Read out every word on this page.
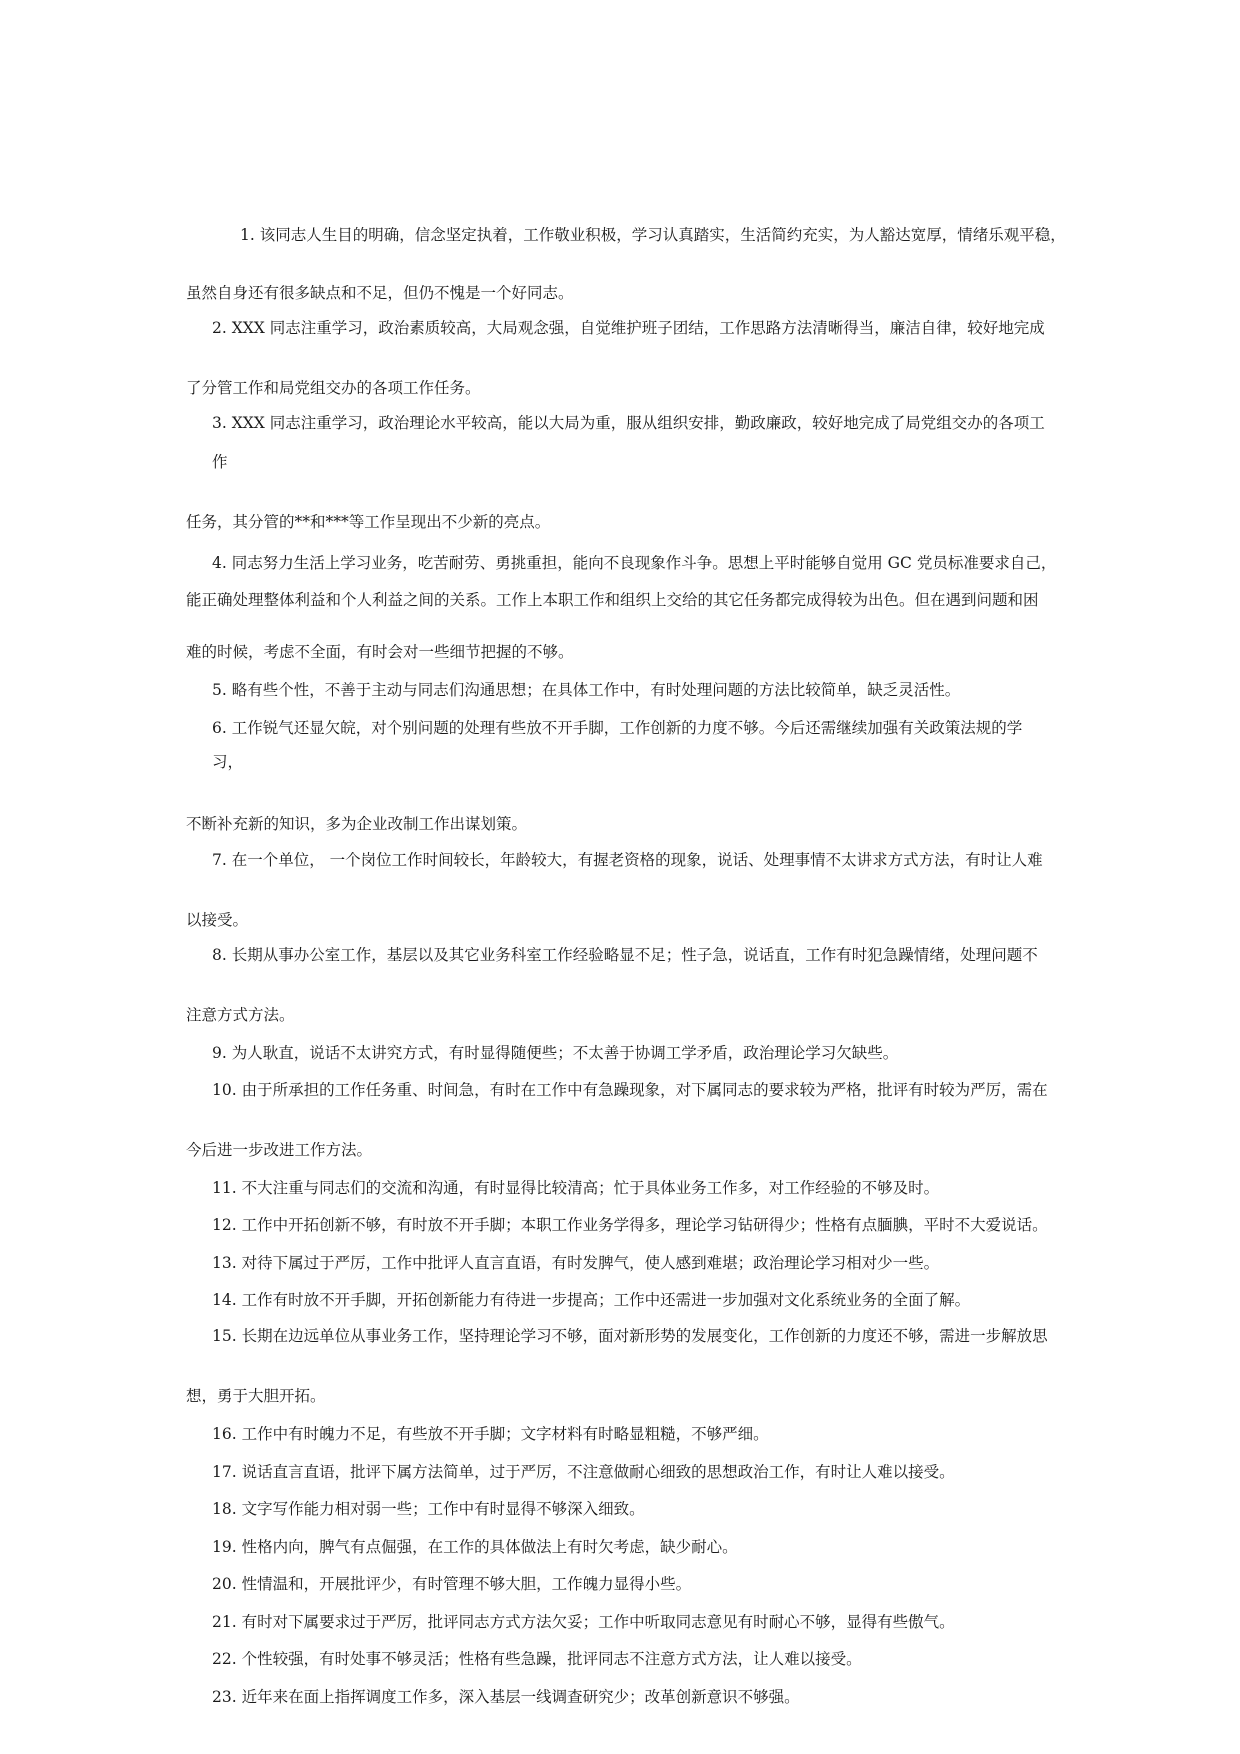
1. 该同志人生目的明确，信念坚定执着，工作敬业积极，学习认真踏实，生活简约充实，为人豁达宽厚，情绪乐观平稳，
虽然自身还有很多缺点和不足，但仍不愧是一个好同志。
2. XXX 同志注重学习，政治素质较高，大局观念强，自觉维护班子团结，工作思路方法清晰得当，廉洁自律，较好地完成
了分管工作和局党组交办的各项工作任务。
3. XXX 同志注重学习，政治理论水平较高，能以大局为重，服从组织安排，勤政廉政，较好地完成了局党组交办的各项工
作
任务，其分管的**和***等工作呈现出不少新的亮点。
4. 同志努力生活上学习业务，吃苦耐劳、勇挑重担，能向不良现象作斗争。思想上平时能够自觉用 GC 党员标准要求自己，
能正确处理整体利益和个人利益之间的关系。工作上本职工作和组织上交给的其它任务都完成得较为出色。但在遇到问题和困
难的时候，考虑不全面，有时会对一些细节把握的不够。
5. 略有些个性，不善于主动与同志们沟通思想；在具体工作中，有时处理问题的方法比较简单，缺乏灵活性。
6. 工作锐气还显欠皖，对个别问题的处理有些放不开手脚，工作创新的力度不够。今后还需继续加强有关政策法规的学
习，
不断补充新的知识，多为企业改制工作出谋划策。
7. 在一个单位， 一个岗位工作时间较长，年龄较大，有握老资格的现象，说话、处理事情不太讲求方式方法，有时让人难
以接受。
8. 长期从事办公室工作，基层以及其它业务科室工作经验略显不足；性子急，说话直，工作有时犯急躁情绪，处理问题不
注意方式方法。
9. 为人耿直，说话不太讲究方式，有时显得随便些；不太善于协调工学矛盾，政治理论学习欠缺些。
10. 由于所承担的工作任务重、时间急，有时在工作中有急躁现象，对下属同志的要求较为严格，批评有时较为严厉，需在
今后进一步改进工作方法。
11. 不大注重与同志们的交流和沟通，有时显得比较清高；忙于具体业务工作多，对工作经验的不够及时。
12. 工作中开拓创新不够，有时放不开手脚；本职工作业务学得多，理论学习钻研得少；性格有点腼腆，平时不大爱说话。
13. 对待下属过于严厉，工作中批评人直言直语，有时发脾气，使人感到难堪；政治理论学习相对少一些。
14. 工作有时放不开手脚，开拓创新能力有待进一步提高；工作中还需进一步加强对文化系统业务的全面了解。
15. 长期在边远单位从事业务工作，坚持理论学习不够，面对新形势的发展变化，工作创新的力度还不够，需进一步解放思
想，勇于大胆开拓。
16. 工作中有时魄力不足，有些放不开手脚；文字材料有时略显粗糙，不够严细。
17. 说话直言直语，批评下属方法简单，过于严厉，不注意做耐心细致的思想政治工作，有时让人难以接受。
18. 文字写作能力相对弱一些；工作中有时显得不够深入细致。
19. 性格内向，脾气有点倔强，在工作的具体做法上有时欠考虑，缺少耐心。
20. 性情温和，开展批评少，有时管理不够大胆，工作魄力显得小些。
21. 有时对下属要求过于严厉，批评同志方式方法欠妥；工作中听取同志意见有时耐心不够，显得有些傲气。
22. 个性较强，有时处事不够灵活；性格有些急躁，批评同志不注意方式方法，让人难以接受。
23. 近年来在面上指挥调度工作多，深入基层一线调查研究少；改革创新意识不够强。
